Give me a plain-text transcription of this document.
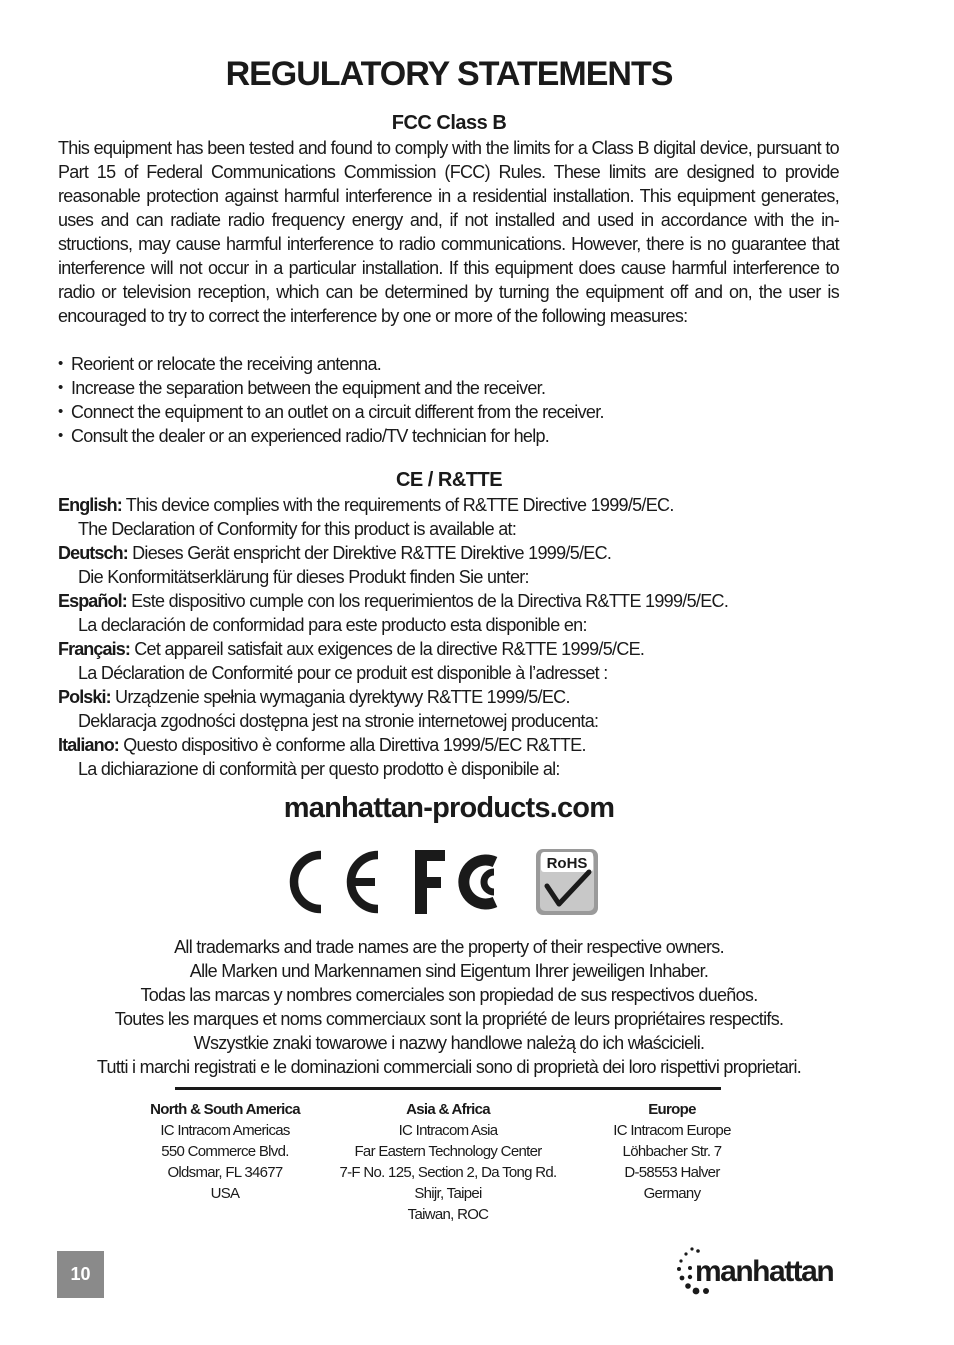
REGULATORY STATEMENTS
FCC Class B

This equipment has been tested and found to comply with the limits for a Class B digital device, pursuant to Part 15 of Federal Communications Commission (FCC) Rules. These limits are designed to provide reasonable protection against harmful interference in a residential installation. This equipment generates, uses and can radiate radio frequency energy and, if not installed and used in accordance with the in-structions, may cause harmful interference to radio communications. However, there is no guarantee that interference will not occur in a particular installation. If this equipment does cause harmful interference to radio or television reception, which can be determined by turning the equipment off and on, the user is encouraged to try to correct the interference by one or more of the following measures:

• Reorient or relocate the receiving antenna.
• Increase the separation between the equipment and the receiver.
• Connect the equipment to an outlet on a circuit different from the receiver.
• Consult the dealer or an experienced radio/TV technician for help.
CE / R&TTE
English: This device complies with the requirements of R&TTE Directive 1999/5/EC.
The Declaration of Conformity for this product is available at:
Deutsch: Dieses Gerät enspricht der Direktive R&TTE Direktive 1999/5/EC.
Die Konformitätserklärung für dieses Produkt finden Sie unter:
Español: Este dispositivo cumple con los requerimientos de la Directiva R&TTE 1999/5/EC.
La declaración de conformidad para este producto esta disponible en:
Français: Cet appareil satisfait aux exigences de la directive R&TTE 1999/5/CE.
La Déclaration de Conformité pour ce produit est disponible à l’adresset :
Polski: Urządzenie spełnia wymagania dyrektywy R&TTE 1999/5/EC.
Deklaracja zgodności dostępna jest na stronie internetowej producenta:
Italiano: Questo dispositivo è conforme alla Direttiva 1999/5/EC R&TTE.
La dichiarazione di conformità per questo prodotto è disponibile al:
manhattan-products.com
RoHS
All trademarks and trade names are the property of their respective owners.
Alle Marken und Markennamen sind Eigentum Ihrer jeweiligen Inhaber.
Todas las marcas y nombres comerciales son propiedad de sus respectivos dueños.
Toutes les marques et noms commerciaux sont la propriété de leurs propriétaires respectifs.
Wszystkie znaki towarowe i nazwy handlowe należą do ich właścicieli.
Tutti i marchi registrati e le dominazioni commerciali sono di proprietà dei loro rispettivi proprietari.
North & South America
IC Intracom Americas
550 Commerce Blvd.
Oldsmar, FL 34677
USA
Asia & Africa
IC Intracom Asia
Far Eastern Technology Center
7-F No. 125, Section 2, Da Tong Rd.
Shijr, Taipei
Taiwan, ROC
Europe
IC Intracom Europe
Löhbacher Str. 7
D-58553 Halver
Germany
10	manhattan
